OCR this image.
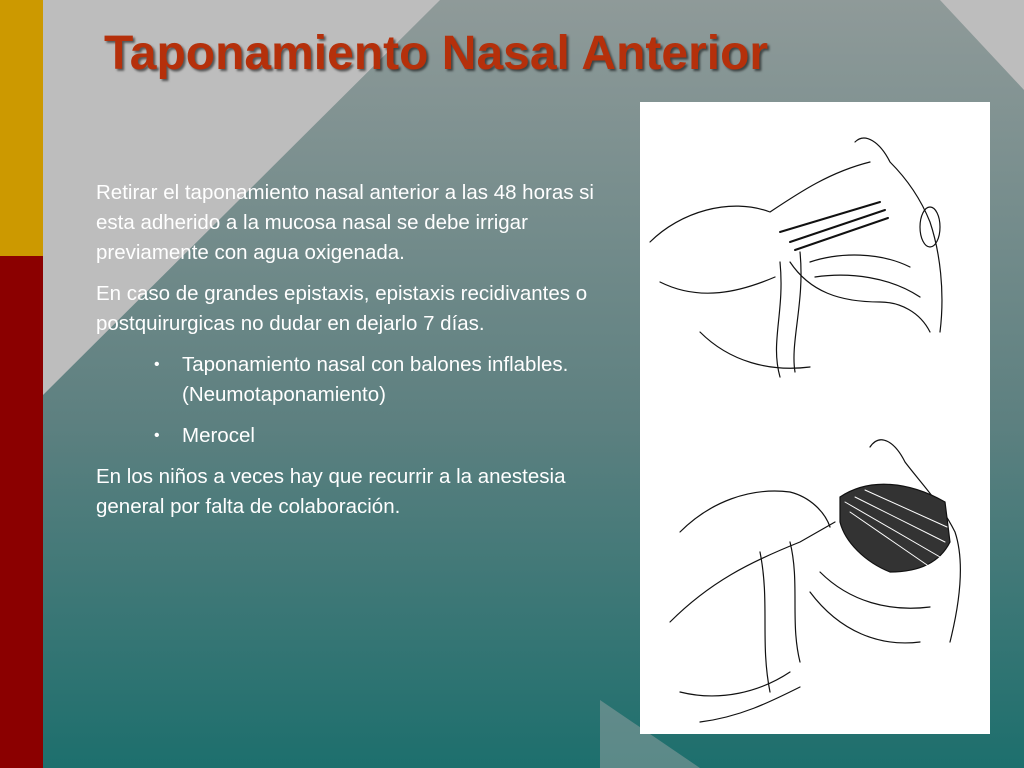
Taponamiento Nasal Anterior

Retirar el taponamiento nasal anterior a las 48 horas si esta adherido a la mucosa nasal se debe irrigar previamente con agua oxigenada.

En caso de grandes epistaxis, epistaxis recidivantes o postquirurgicas no dudar en dejarlo 7 días.

• Taponamiento nasal con balones inflables. (Neumotaponamiento)
• Merocel

En los niños a veces hay que recurrir a la anestesia general por falta de colaboración.
